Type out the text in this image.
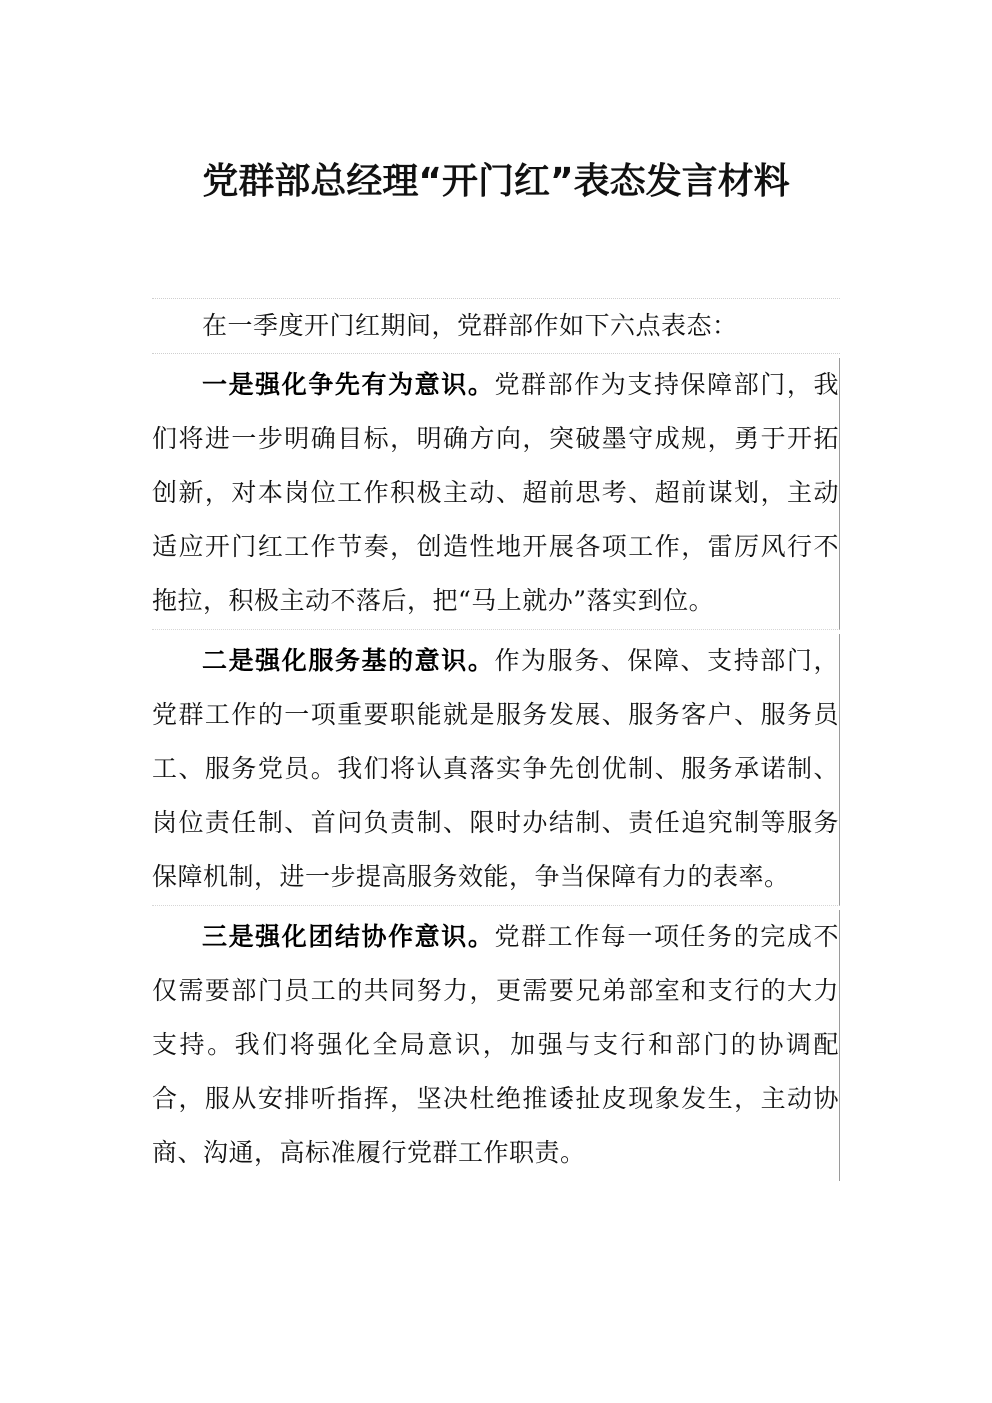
党群部总经理“开门红”表态发言材料

在一季度开门红期间，党群部作如下六点表态：

一是强化争先有为意识。党群部作为支持保障部门，我们将进一步明确目标，明确方向，突破墨守成规，勇于开拓创新，对本岗位工作积极主动、超前思考、超前谋划，主动适应开门红工作节奏，创造性地开展各项工作，雷厉风行不拖拉，积极主动不落后，把“马上就办”落实到位。

二是强化服务基的意识。作为服务、保障、支持部门，党群工作的一项重要职能就是服务发展、服务客户、服务员工、服务党员。我们将认真落实争先创优制、服务承诺制、岗位责任制、首问负责制、限时办结制、责任追究制等服务保障机制，进一步提高服务效能，争当保障有力的表率。

三是强化团结协作意识。党群工作每一项任务的完成不仅需要部门员工的共同努力，更需要兄弟部室和支行的大力支持。我们将强化全局意识，加强与支行和部门的协调配合，服从安排听指挥，坚决杜绝推诿扯皮现象发生，主动协商、沟通，高标准履行党群工作职责。
